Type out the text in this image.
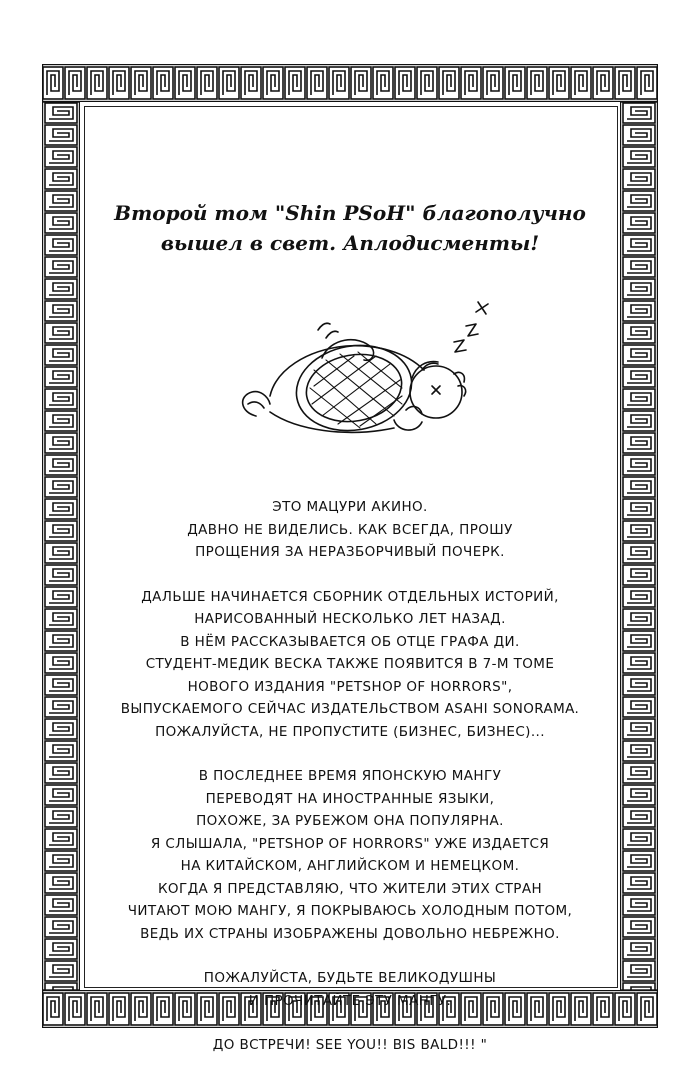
Второй том "Shin PSoH" благополучно
вышел в свет. Аплодисменты!

ЭТО МАЦУРИ АКИНО.
ДАВНО НЕ ВИДЕЛИСЬ. КАК ВСЕГДА, ПРОШУ
ПРОЩЕНИЯ ЗА НЕРАЗБОРЧИВЫЙ ПОЧЕРК.

ДАЛЬШЕ НАЧИНАЕТСЯ СБОРНИК ОТДЕЛЬНЫХ ИСТОРИЙ,
НАРИСОВАННЫЙ НЕСКОЛЬКО ЛЕТ НАЗАД.
В НЁМ РАССКАЗЫВАЕТСЯ ОБ ОТЦЕ ГРАФА ДИ.
СТУДЕНТ-МЕДИК ВЕСКА ТАКЖЕ ПОЯВИТСЯ В 7-М ТОМЕ
НОВОГО ИЗДАНИЯ "PETSHOP OF HORRORS",
ВЫПУСКАЕМОГО СЕЙЧАС ИЗДАТЕЛЬСТВОМ ASAHI SONORAMA.
ПОЖАЛУЙСТА, НЕ ПРОПУСТИТЕ (БИЗНЕС, БИЗНЕС)...

В ПОСЛЕДНЕЕ ВРЕМЯ ЯПОНСКУЮ МАНГУ
ПЕРЕВОДЯТ НА ИНОСТРАННЫЕ ЯЗЫКИ,
ПОХОЖЕ, ЗА РУБЕЖОМ ОНА ПОПУЛЯРНА.
Я СЛЫШАЛА, "PETSHOP OF HORRORS" УЖЕ ИЗДАЕТСЯ
НА КИТАЙСКОМ, АНГЛИЙСКОМ И НЕМЕЦКОМ.
КОГДА Я ПРЕДСТАВЛЯЮ, ЧТО ЖИТЕЛИ ЭТИХ СТРАН
ЧИТАЮТ МОЮ МАНГУ, Я ПОКРЫВАЮСЬ ХОЛОДНЫМ ПОТОМ,
ВЕДЬ ИХ СТРАНЫ ИЗОБРАЖЕНЫ ДОВОЛЬНО НЕБРЕЖНО.

ПОЖАЛУЙСТА, БУДЬТЕ ВЕЛИКОДУШНЫ
И ПРОЧИТАЙТЕ ЭТУ МАНГУ.

ДО ВСТРЕЧИ! SEE YOU!! BIS BALD!!! "
